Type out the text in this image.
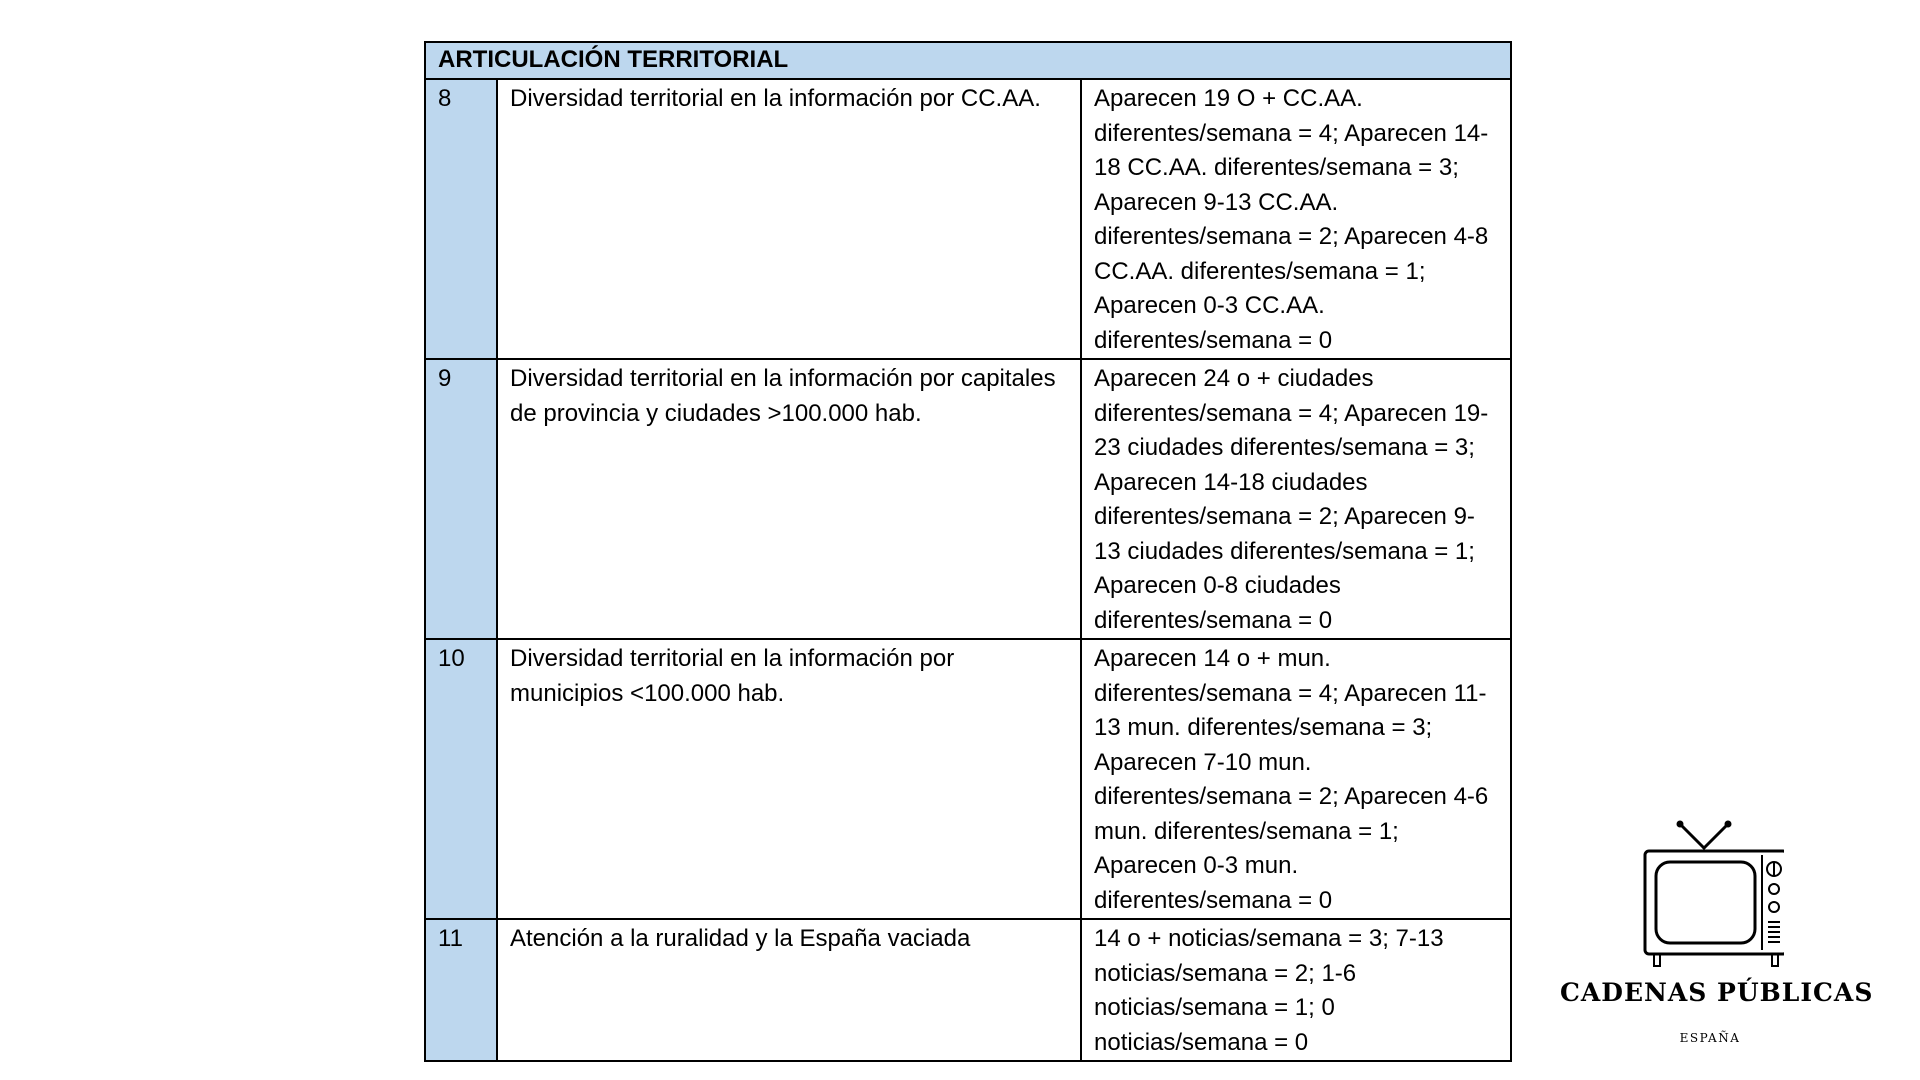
ARTICULACIÓN TERRITORIAL		
8	Diversidad territorial en la información por CC.AA.	Aparecen 19 O + CC.AA. diferentes/semana = 4; Aparecen 14-18 CC.AA. diferentes/semana = 3; Aparecen 9-13 CC.AA. diferentes/semana = 2; Aparecen 4-8 CC.AA. diferentes/semana = 1; Aparecen 0-3 CC.AA. diferentes/semana = 0
9	Diversidad territorial en la información por capitales de provincia y ciudades >100.000 hab.	Aparecen 24 o + ciudades diferentes/semana = 4; Aparecen 19-23 ciudades diferentes/semana = 3; Aparecen 14-18 ciudades diferentes/semana = 2; Aparecen 9-13 ciudades diferentes/semana = 1; Aparecen 0-8 ciudades diferentes/semana = 0
10	Diversidad territorial en la información por municipios <100.000 hab.	Aparecen 14 o + mun. diferentes/semana = 4; Aparecen 11-13 mun. diferentes/semana = 3; Aparecen 7-10 mun. diferentes/semana = 2; Aparecen 4-6 mun. diferentes/semana = 1; Aparecen 0-3 mun. diferentes/semana = 0
11	Atención a la ruralidad y la España vaciada	14 o + noticias/semana = 3; 7-13 noticias/semana = 2; 1-6 noticias/semana = 1; 0 noticias/semana = 0
CADENAS PÚBLICAS
ESPAÑA
